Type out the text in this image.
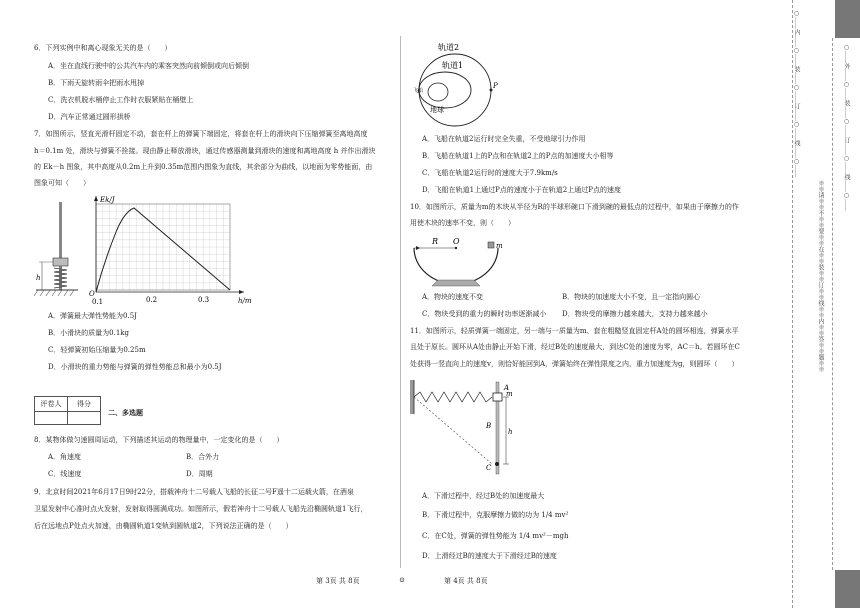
6．下列实例中和离心现象无关的是（　　）
A．坐在直线行驶中的公共汽车内的乘客突然向前倾倒或向后倾倒
B．下雨天旋转雨伞把雨水甩掉
C．洗衣机脱水桶停止工作时衣服紧贴在桶壁上
D．汽车正常通过圆形拱桥
7．如图所示，竖直光滑杆固定不动，套在杆上的弹簧下端固定，将套在杆上的滑块向下压缩弹簧至离地高度
h＝0.1m 处，滑块与弹簧不拴接。现由静止释放滑块，通过传感器测量到滑块的速度和离地高度 h 并作出滑块
的 Ek－h 图象，其中高度从0.2m上升到0.35m范围内图象为直线，其余部分为曲线，以地面为零势能面，由
图象可知（　　）
h
Ek/J
h/m
O
0.1	0.2	0.3
A．弹簧最大弹性势能为0.5J
B．小滑块的质量为0.1kg
C．轻弹簧初始压缩量为0.25m
D．小滑块的重力势能与弹簧的弹性势能总和最小为0.5J
评卷人	得分

二、多选题
8．某物体做匀速圆周运动，下列描述其运动的物理量中，一定变化的是（　　）
A．角速度	B．合外力
C．线速度	D．周期
9．北京时间2021年6月17日9时22分，搭载神舟十二号载人飞船的长征二号F遥十二运载火箭，在酒泉
卫星发射中心准时点火发射，发射取得圆满成功。如图所示，假若神舟十二号载人飞船先沿椭圆轨道1飞行，
后在远地点P处点火加速，由椭圆轨道1变轨到圆轨道2，下列说法正确的是（　　）
轨道2
轨道1
飞船
地球
P
A．飞船在轨道2运行时完全失重，不受地球引力作用
B．飞船在轨道1上的P点和在轨道2上的P点的加速度大小相等
C．飞船在轨道2运行时的速度大于7.9km/s
D．飞船在轨道1上通过P点的速度小于在轨道2上通过P点的速度
10．如图所示，质量为m的木块从半径为R的半球形碗口下滑到碗的最低点的过程中，如果由于摩擦力的作
用使木块的速率不变，则（　　）
R O	m
A．物块的速度不变	B．物块的加速度大小不变，且一定指向圆心
C．物块受到的重力的瞬时功率逐渐减小 D．物块受的摩擦力越来越大，支持力越来越小
11．如图所示，轻质弹簧一端固定，另一端与一质量为m、套在粗糙竖直固定杆A处的圆环相连，弹簧水平
且处于原长。圆环从A处由静止开始下滑，经过B处的速度最大，到达C处的速度为零，AC＝h。若圆环在C
处获得一竖直向上的速度v，则恰好能回到A，弹簧始终在弹性限度之内，重力加速度为g，则圆环（　　）
A
m
B
h
C
A．下滑过程中，经过B处的加速度最大
B．下滑过程中，克服摩擦力做的功为 1/4 mv²
C．在C处，弹簧的弹性势能为 1/4 mv²－mgh
D．上滑经过B的速度大于下滑经过B的速度
第 3页 共 8页	⊙	第 4页 共 8页
○……内……○……装……○……订……○……线……○……
※※请※※不※※要※※在※※装※※订※※线※※内※※答※※题※※
○……外……○……装……○……订……○……线……○……
